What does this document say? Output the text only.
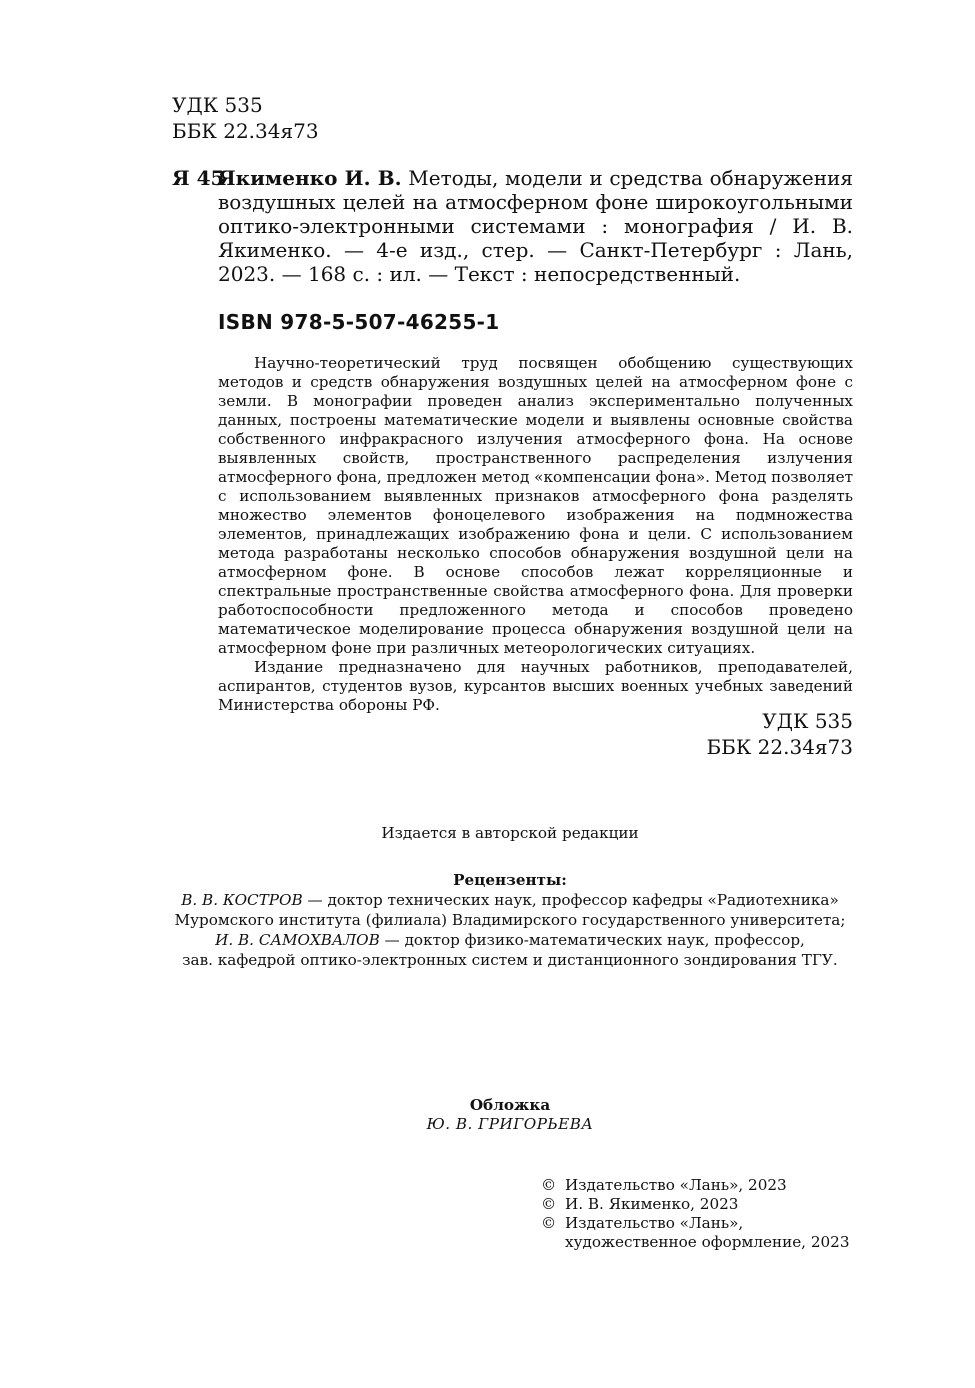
УДК 535
ББК 22.34я73
Я 45
Якименко И. В. Методы, модели и средства обнаружения воздушных целей на атмосферном фоне широкоугольными оптико-электронными системами : монография / И. В. Якименко. — 4-е изд., стер. — Санкт-Петербург : Лань, 2023. — 168 с. : ил. — Текст : непосредственный.
ISBN 978-5-507-46255-1

Научно-теоретический труд посвящен обобщению существующих методов и средств обнаружения воздушных целей на атмосферном фоне с земли. В монографии проведен анализ экспериментально полученных данных, построены математические модели и выявлены основные свойства собственного инфракрасного излучения атмосферного фона. На основе выявленных свойств, пространственного распределения излучения атмосферного фона, предложен метод «компенсации фона». Метод позволяет с использованием выявленных признаков атмосферного фона разделять множество элементов фоноцелевого изображения на подмножества элементов, принадлежащих изображению фона и цели. С использованием метода разработаны несколько способов обнаружения воздушной цели на атмосферном фоне. В основе способов лежат корреляционные и спектральные пространственные свойства атмосферного фона. Для проверки работоспособности предложенного метода и способов проведено математическое моделирование процесса обнаружения воздушной цели на атмосферном фоне при различных метеорологических ситуациях.

Издание предназначено для научных работников, преподавателей, аспирантов, студентов вузов, курсантов высших военных учебных заведений Министерства обороны РФ.

УДК 535
ББК 22.34я73
Издается в авторской редакции
Рецензенты:
В. В. КОСТРОВ — доктор технических наук, профессор кафедры «Радиотехника»
Муромского института (филиала) Владимирского государственного университета;
И. В. САМОХВАЛОВ — доктор физико-математических наук, профессор,
зав. кафедрой оптико-электронных систем и дистанционного зондирования ТГУ.
Обложка
Ю. В. ГРИГОРЬЕВА
© Издательство «Лань», 2023
© И. В. Якименко, 2023
© Издательство «Лань»,
художественное оформление, 2023
